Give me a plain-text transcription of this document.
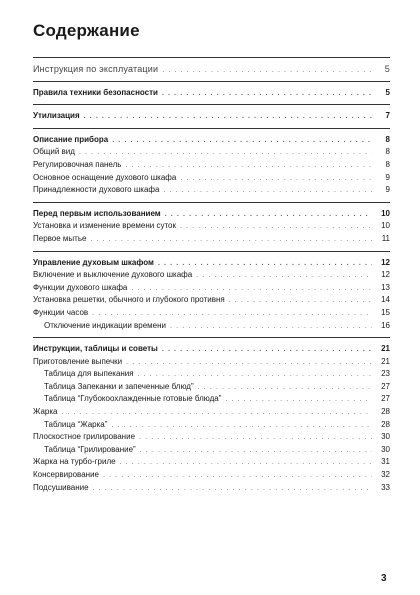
Содержание
Инструкция по эксплуатации . . .	5
Правила техники безопасности . . .	5
Утилизация . . .	7
Описание прибора . . .	8
Общий вид . . .	8
Регулировочная панель . . .	8
Основное оснащение духового шкафа . . .	9
Принадлежности духового шкафа . . .	9
Перед первым использованием . . .	10
Установка и изменение времени суток . . .	10
Первое мытье . . .	11
Управление духовым шкафом . . .	12
Включение и выключение духового шкафа . . .	12
Функции духового шкафа . . .	13
Установка решетки, обычного и глубокого противня . . .	14
Функции часов . . .	15
Отключение индикации времени . . .	16
Инструкции, таблицы и советы . . .	21
Приготовление выпечки . . .	21
Таблица для выпекания . . .	23
Таблица Запеканки и запеченные блюд” . . .	27
Таблица “Глубокоохлажденные готовые блюда” . . .	27
Жарка . . .	28
Таблица “Жарка” . . .	28
Плоскостное грилирование . . .	30
Таблица “Грилирование” . . .	30
Жарка на турбо-гриле . . .	31
Консервирование . . .	32
Подсушивание . . .	33
3
